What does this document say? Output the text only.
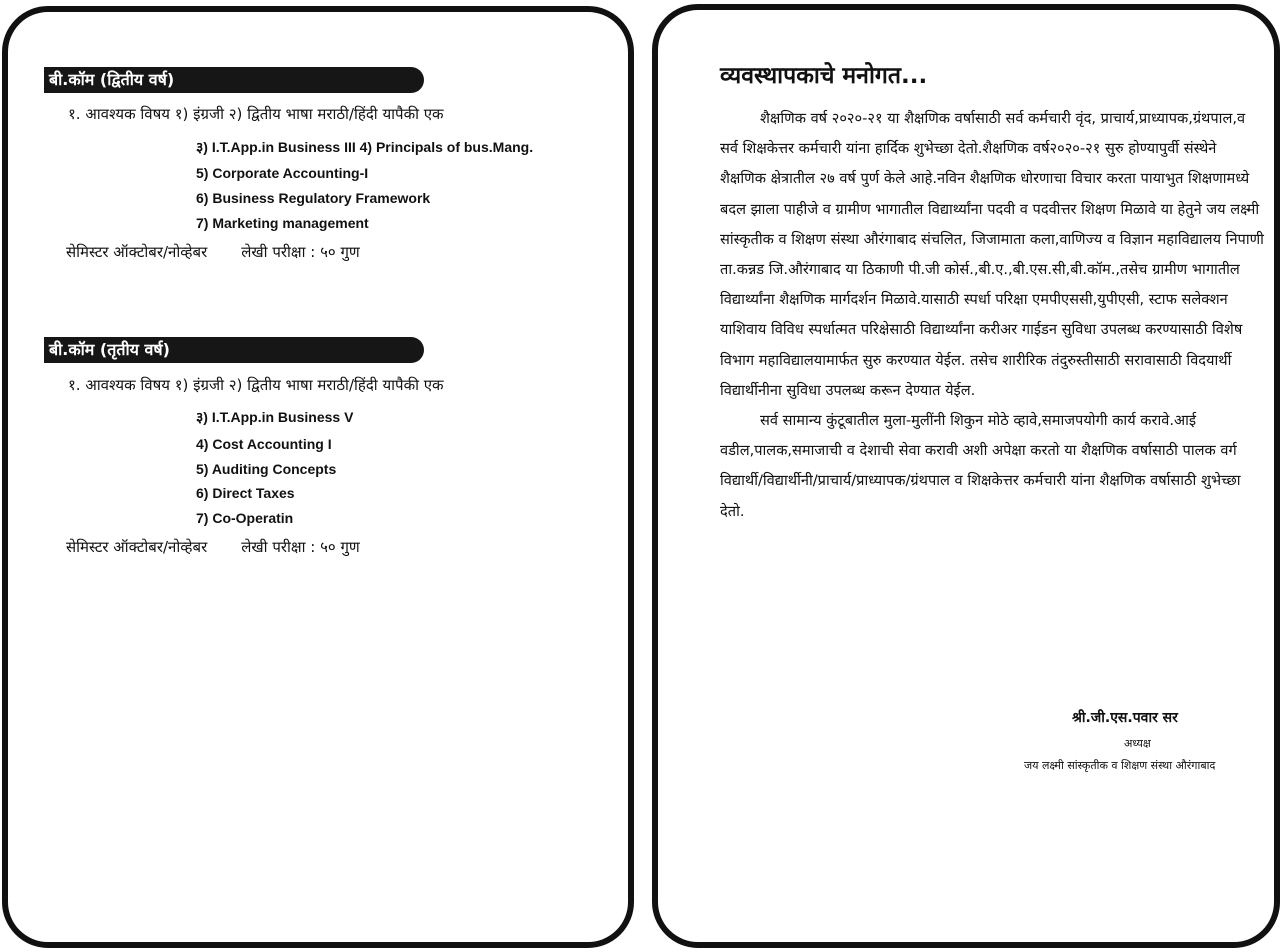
बी.कॉम (द्वितीय वर्ष)
१. आवश्यक विषय १) इंग्रजी २) द्वितीय भाषा मराठी/हिंदी यापैकी एक
३) I.T.App.in Business III 4) Principals of bus.Mang.
5) Corporate Accounting-I
6) Business Regulatory Framework
7) Marketing management
सेमिस्टर ऑक्टोबर/नोव्हेबर लेखी परीक्षा : ५० गुण
बी.कॉम (तृतीय वर्ष)
१. आवश्यक विषय १) इंग्रजी २) द्वितीय भाषा मराठी/हिंदी यापैकी एक
३) I.T.App.in Business V
4) Cost Accounting I
5) Auditing Concepts
6) Direct Taxes
7) Co-Operatin
सेमिस्टर ऑक्टोबर/नोव्हेबर लेखी परीक्षा : ५० गुण
व्यवस्थापकाचे मनोगत...

शैक्षणिक वर्ष २०२०-२१ या शैक्षणिक वर्षासाठी सर्व कर्मचारी वृंद, प्राचार्य,प्राध्यापक,ग्रंथपाल,व सर्व शिक्षकेत्तर कर्मचारी यांना हार्दिक शुभेच्छा देतो.शैक्षणिक वर्ष२०२०-२१ सुरु होण्यापुर्वी संस्थेने शैक्षणिक क्षेत्रातील २७ वर्ष पुर्ण केले आहे.नविन शैक्षणिक धोरणाचा विचार करता पायाभुत शिक्षणामध्ये बदल झाला पाहीजे व ग्रामीण भागातील विद्यार्थ्यांना पदवी व पदवीत्तर शिक्षण मिळावे या हेतुने जय लक्ष्मी सांस्कृतीक व शिक्षण संस्था औरंगाबाद संचलित, जिजामाता कला,वाणिज्य व विज्ञान महाविद्यालय निपाणी ता.कन्नड जि.औरंगाबाद या ठिकाणी पी.जी कोर्स.,बी.ए.,बी.एस.सी,बी.कॉम.,तसेच ग्रामीण भागातील विद्यार्थ्यांना शैक्षणिक मार्गदर्शन मिळावे.यासाठी स्पर्धा परिक्षा एमपीएससी,युपीएसी, स्टाफ सलेक्शन याशिवाय विविध स्पर्धात्मत परिक्षेसाठी विद्यार्थ्यांना करीअर गाईडन सुविधा उपलब्ध करण्यासाठी विशेष विभाग महाविद्यालयामार्फत सुरु करण्यात येईल. तसेच शारीरिक तंदुरुस्तीसाठी सरावासाठी विदयार्थी विद्यार्थीनीना सुविधा उपलब्ध करून देण्यात येईल.

सर्व सामान्य कुंटूबातील मुला-मुलींनी शिकुन मोठे व्हावे,समाजपयोगी कार्य करावे.आई वडील,पालक,समाजाची व देशाची सेवा करावी अशी अपेक्षा करतो या शैक्षणिक वर्षासाठी पालक वर्ग विद्यार्थी/विद्यार्थीनी/प्राचार्य/प्राध्यापक/ग्रंथपाल व शिक्षकेत्तर कर्मचारी यांना शैक्षणिक वर्षासाठी शुभेच्छा देतो.

श्री.जी.एस.पवार सर
अध्यक्ष
जय लक्ष्मी सांस्कृतीक व शिक्षण संस्था औरंगाबाद
